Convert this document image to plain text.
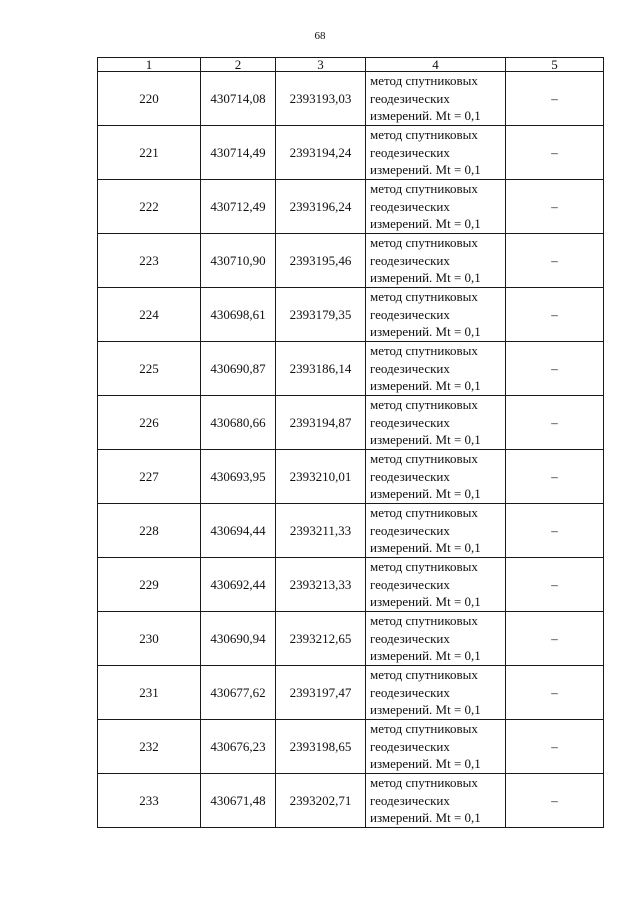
68
1	2	3	4	5
220	430714,08	2393193,03	метод спутниковых
геодезических
измерений. Mt = 0,1	–
221	430714,49	2393194,24	метод спутниковых
геодезических
измерений. Mt = 0,1	–
222	430712,49	2393196,24	метод спутниковых
геодезических
измерений. Mt = 0,1	–
223	430710,90	2393195,46	метод спутниковых
геодезических
измерений. Mt = 0,1	–
224	430698,61	2393179,35	метод спутниковых
геодезических
измерений. Mt = 0,1	–
225	430690,87	2393186,14	метод спутниковых
геодезических
измерений. Mt = 0,1	–
226	430680,66	2393194,87	метод спутниковых
геодезических
измерений. Mt = 0,1	–
227	430693,95	2393210,01	метод спутниковых
геодезических
измерений. Mt = 0,1	–
228	430694,44	2393211,33	метод спутниковых
геодезических
измерений. Mt = 0,1	–
229	430692,44	2393213,33	метод спутниковых
геодезических
измерений. Mt = 0,1	–
230	430690,94	2393212,65	метод спутниковых
геодезических
измерений. Mt = 0,1	–
231	430677,62	2393197,47	метод спутниковых
геодезических
измерений. Mt = 0,1	–
232	430676,23	2393198,65	метод спутниковых
геодезических
измерений. Mt = 0,1	–
233	430671,48	2393202,71	метод спутниковых
геодезических
измерений. Mt = 0,1	–
